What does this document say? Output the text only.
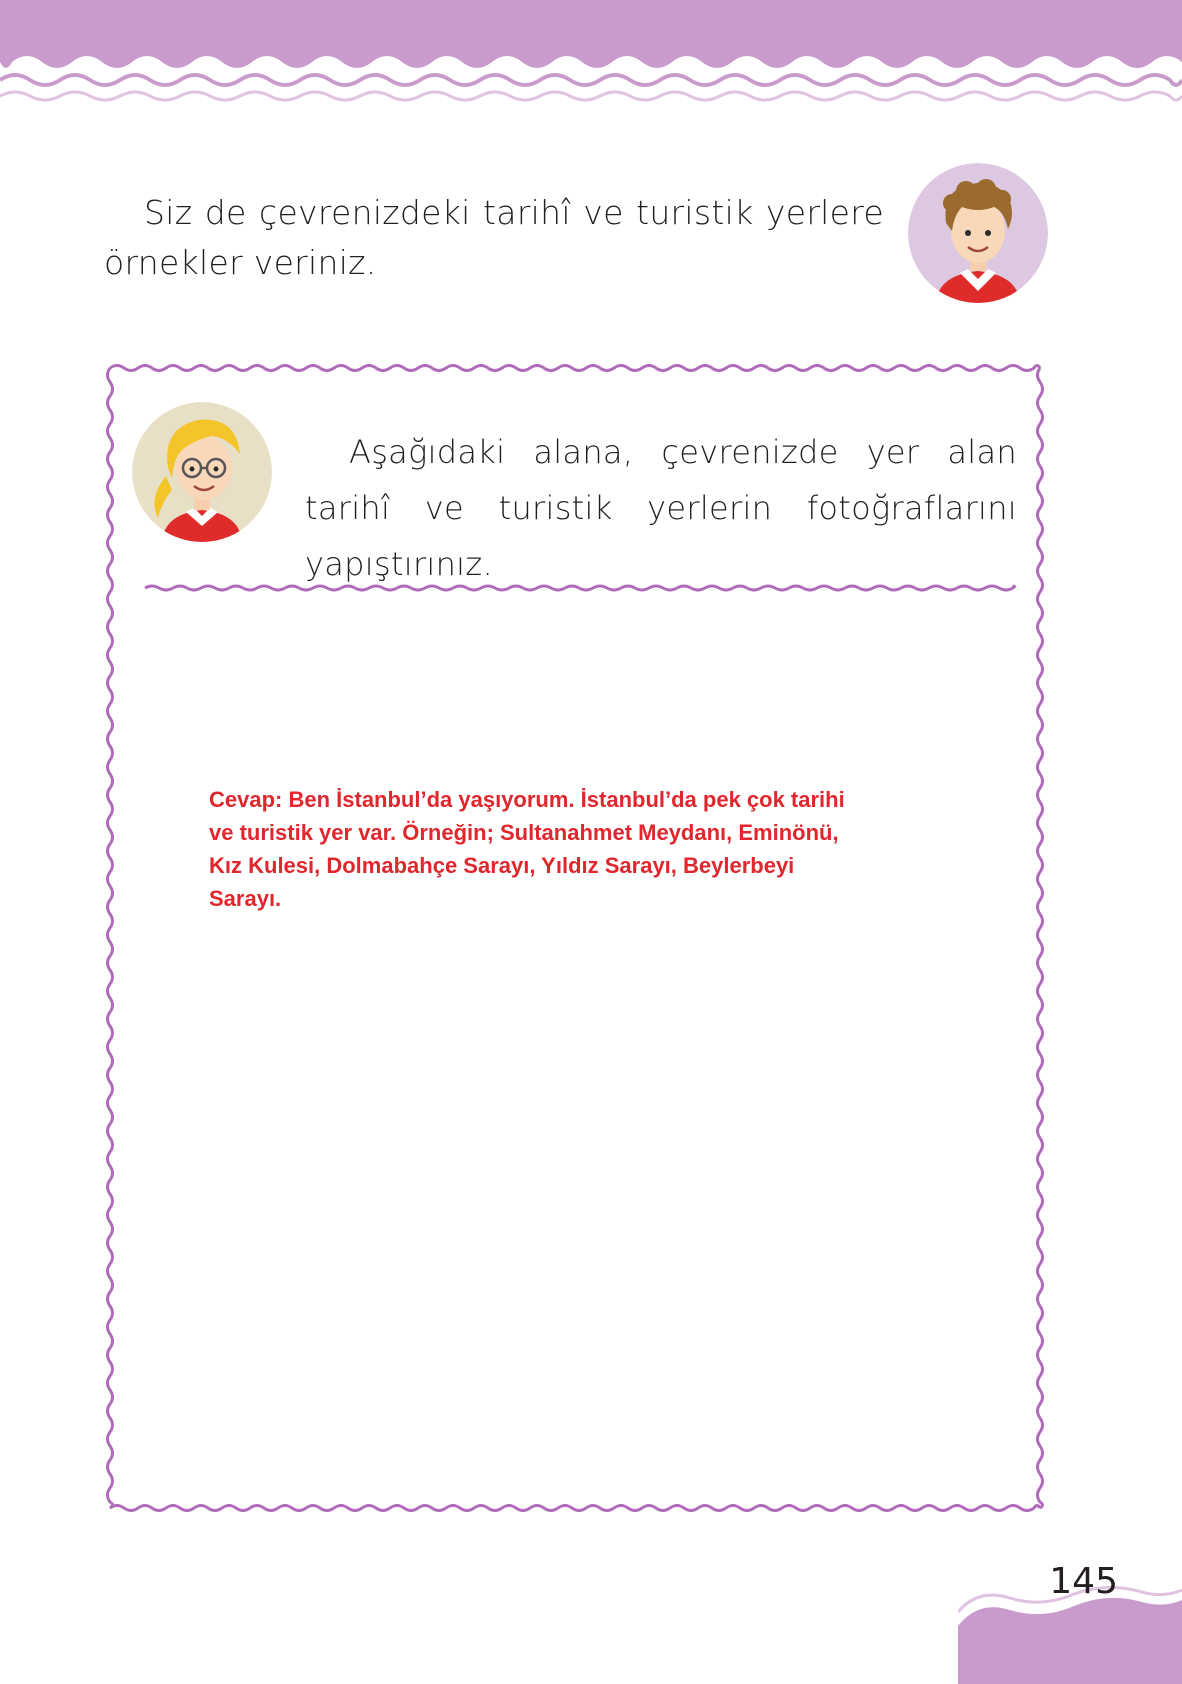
Siz de çevrenizdeki tarihî ve turistik yerlere örnekler veriniz.
Aşağıdaki alana, çevrenizde yer alan tarihî ve turistik yerlerin fotoğraflarını yapıştırınız.
Cevap: Ben İstanbul’da yaşıyorum. İstanbul’da pek çok tarihi ve turistik yer var. Örneğin; Sultanahmet Meydanı, Eminönü, Kız Kulesi, Dolmabahçe Sarayı, Yıldız Sarayı, Beylerbeyi Sarayı.
145
